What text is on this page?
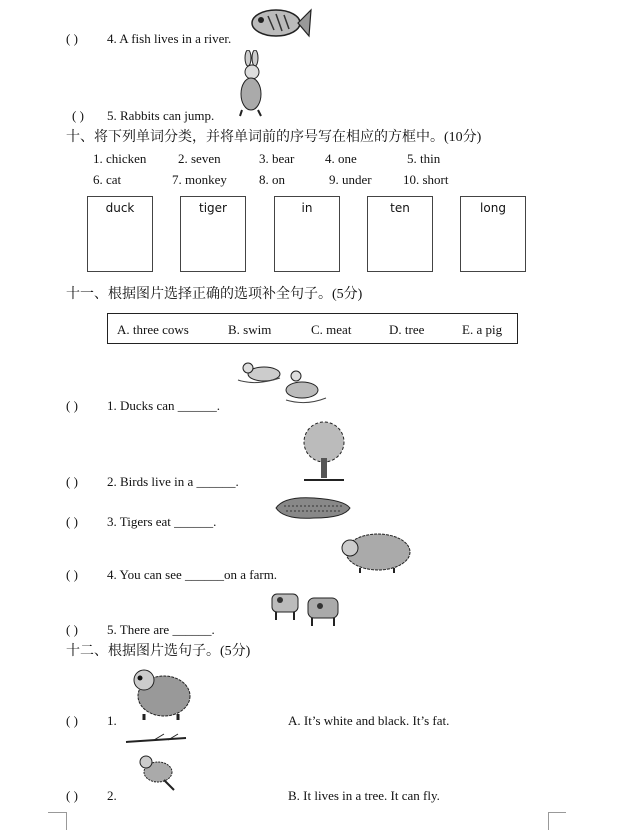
( ) 4. A fish lives in a river.
( ) 5. Rabbits can jump.
十、将下列单词分类，并将单词前的序号写在相应的方框中。(10分)
1. chicken 2. seven	3. bear 4. one	5. thin
6. cat	7. monkey 8. on	9. under 10. short
duck	tiger	in	ten	long
十一、根据图片选择正确的选项补全句子。(5分)
A. three cows	B. swim	C. meat	D. tree	E. a pig
( ) 1. Ducks can ______.
( ) 2. Birds live in a ______.
( ) 3. Tigers eat ______.
( ) 4. You can see ______on a farm.
( ) 5. There are ______.
十二、根据图片选句子。(5分)
( ) 1.	A. It’s white and black. It’s fat.
( ) 2.	B. It lives in a tree. It can fly.
